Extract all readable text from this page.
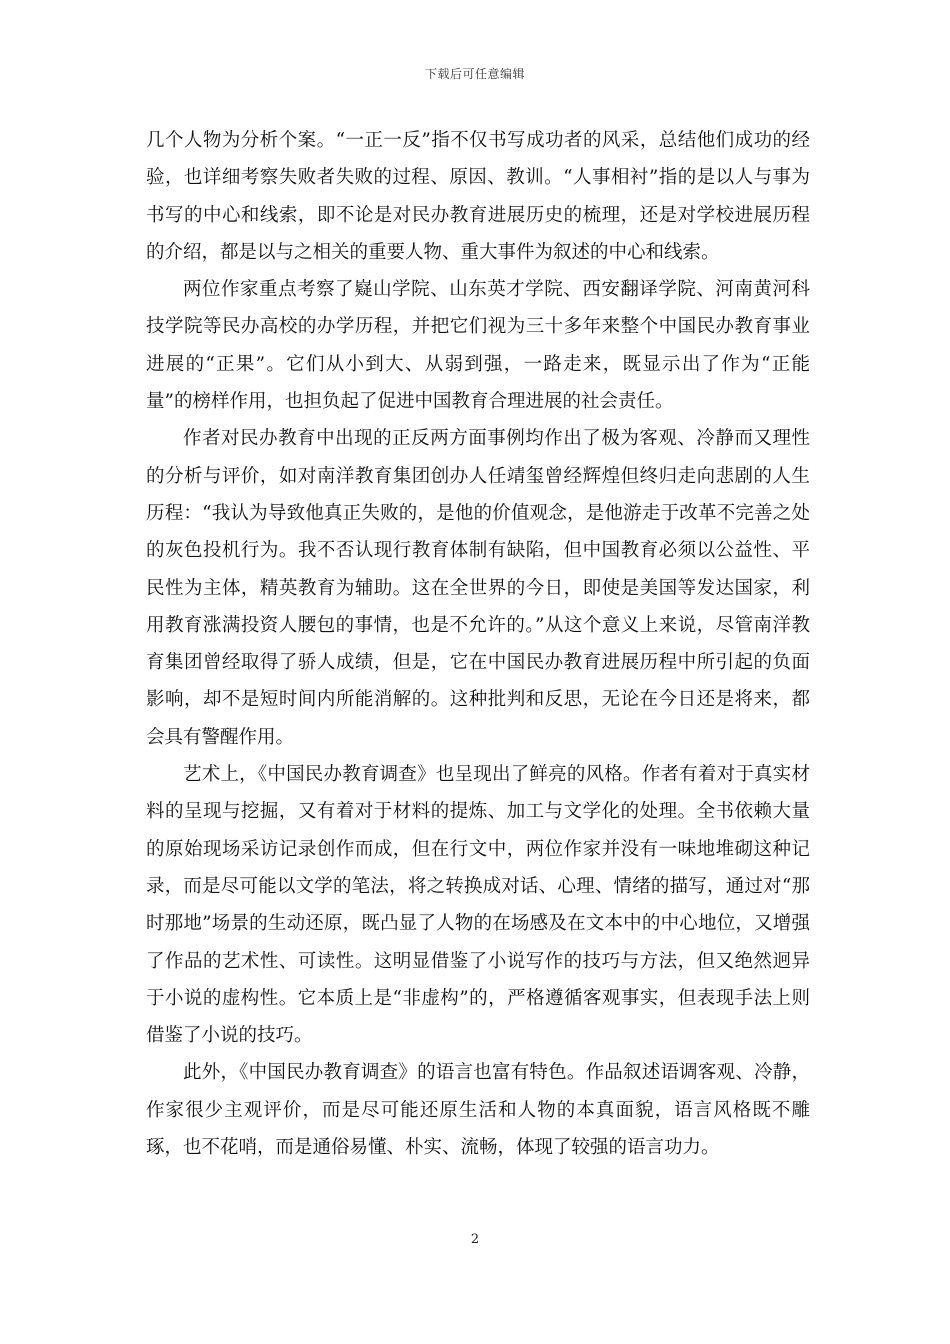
下载后可任意编辑

几个人物为分析个案。“一正一反”指不仅书写成功者的风采，总结他们成功的经验，也详细考察失败者失败的过程、原因、教训。“人事相衬”指的是以人与事为书写的中心和线索，即不论是对民办教育进展历史的梳理，还是对学校进展历程的介绍，都是以与之相关的重要人物、重大事件为叙述的中心和线索。

两位作家重点考察了嶷山学院、山东英才学院、西安翻译学院、河南黄河科技学院等民办高校的办学历程，并把它们视为三十多年来整个中国民办教育事业进展的“正果”。它们从小到大、从弱到强，一路走来，既显示出了作为“正能量”的榜样作用，也担负起了促进中国教育合理进展的社会责任。

作者对民办教育中出现的正反两方面事例均作出了极为客观、冷静而又理性的分析与评价，如对南洋教育集团创办人任靖玺曾经辉煌但终归走向悲剧的人生历程：“我认为导致他真正失败的，是他的价值观念，是他游走于改革不完善之处的灰色投机行为。我不否认现行教育体制有缺陷，但中国教育必须以公益性、平民性为主体，精英教育为辅助。这在全世界的今日，即使是美国等发达国家，利用教育涨满投资人腰包的事情，也是不允许的。”从这个意义上来说，尽管南洋教育集团曾经取得了骄人成绩，但是，它在中国民办教育进展历程中所引起的负面影响，却不是短时间内所能消解的。这种批判和反思，无论在今日还是将来，都会具有警醒作用。

艺术上，《中国民办教育调查》也呈现出了鲜亮的风格。作者有着对于真实材料的呈现与挖掘，又有着对于材料的提炼、加工与文学化的处理。全书依赖大量的原始现场采访记录创作而成，但在行文中，两位作家并没有一味地堆砌这种记录，而是尽可能以文学的笔法，将之转换成对话、心理、情绪的描写，通过对“那时那地”场景的生动还原，既凸显了人物的在场感及在文本中的中心地位，又增强了作品的艺术性、可读性。这明显借鉴了小说写作的技巧与方法，但又绝然迥异于小说的虚构性。它本质上是“非虚构”的，严格遵循客观事实，但表现手法上则借鉴了小说的技巧。

此外，《中国民办教育调查》的语言也富有特色。作品叙述语调客观、冷静，作家很少主观评价，而是尽可能还原生活和人物的本真面貌，语言风格既不雕琢，也不花哨，而是通俗易懂、朴实、流畅，体现了较强的语言功力。

2
